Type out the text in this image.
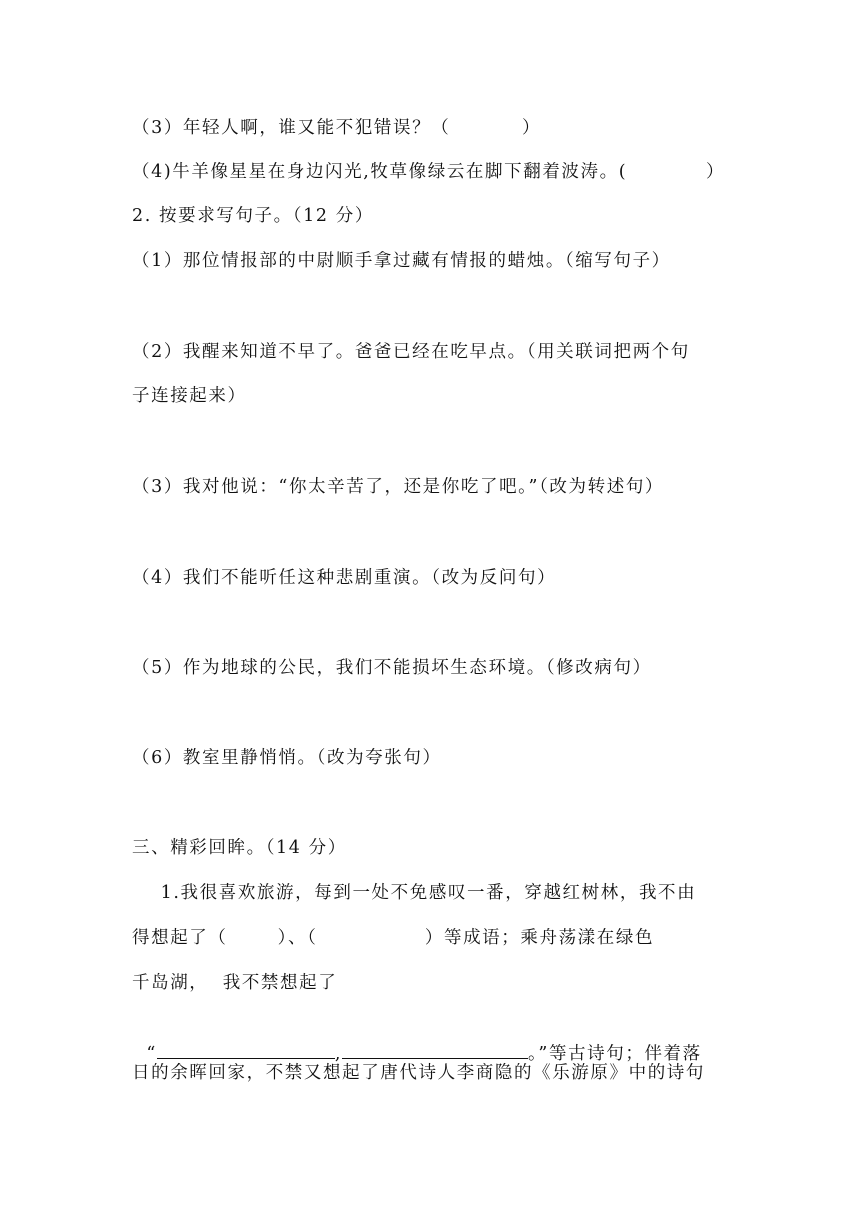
（3）年轻人啊，谁又能不犯错误？（          ）
（4)牛羊像星星在身边闪光,牧草像绿云在脚下翻着波涛。(           ）
2. 按要求写句子。（12 分）
（1）那位情报部的中尉顺手拿过藏有情报的蜡烛。（缩写句子）
（2）我醒来知道不早了。爸爸已经在吃早点。（用关联词把两个句
子连接起来）
（3）我对他说：“你太辛苦了，还是你吃了吧。”（改为转述句）
（4）我们不能听任这种悲剧重演。（改为反问句）
（5）作为地球的公民，我们不能损坏生态环境。（修改病句）
（6）教室里静悄悄。（改为夸张句）
三、精彩回眸。（14 分）
1.我很喜欢旅游，每到一处不免感叹一番，穿越红树林，我不由
得想起了（       ）、（               ）等成语；乘舟荡漾在绿色
千岛湖，  我不禁想起了

“	,	。”等古诗句；伴着落

日的余晖回家，不禁又想起了唐代诗人李商隐的《乐游原》中的诗句
